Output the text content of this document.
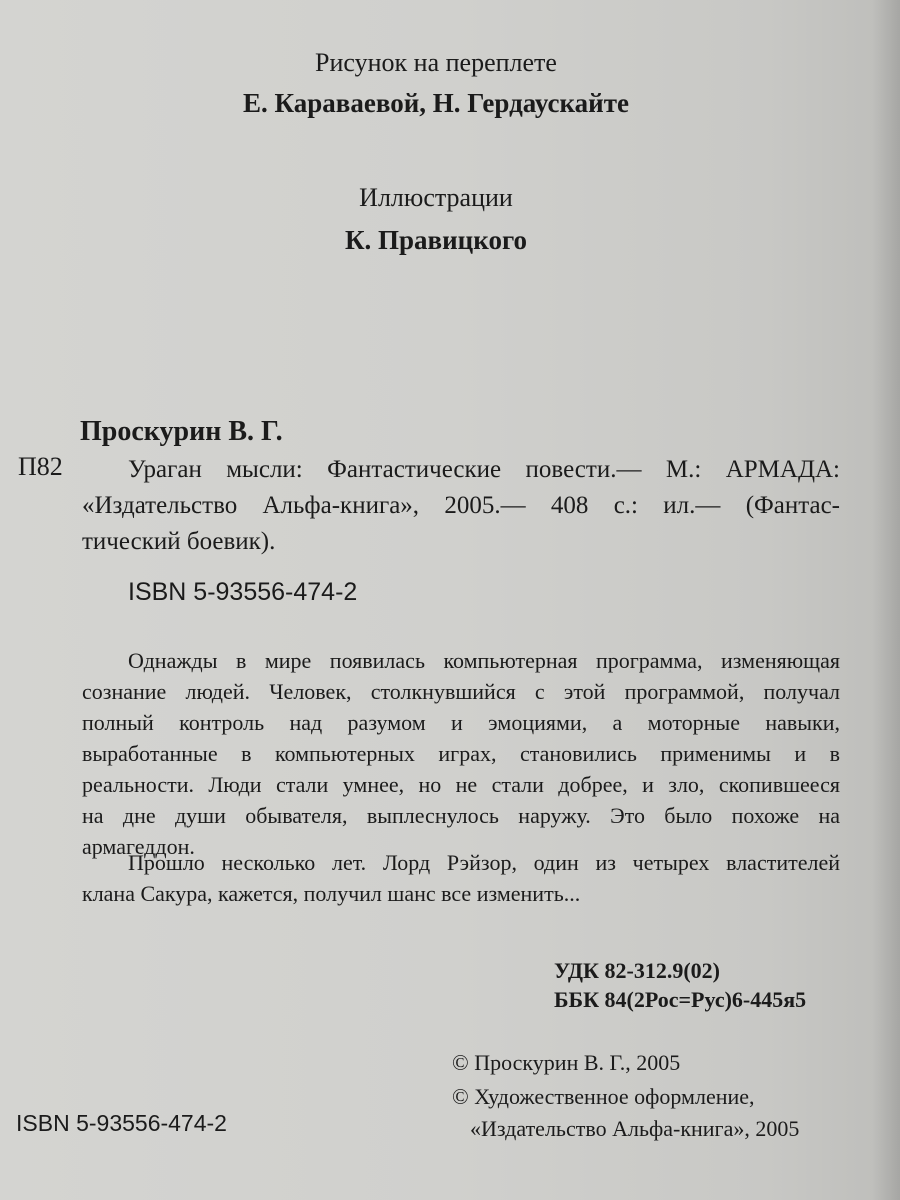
Рисунок на переплете
Е. Караваевой, Н. Гердаускайте
Иллюстрации
К. Правицкого
Проскурин В. Г.
П82	Ураган мысли: Фантастические повести.— М.: АРМАДА:
«Издательство Альфа-книга», 2005.— 408 с.: ил.— (Фантас-
тический боевик).
ISBN 5-93556-474-2
Однажды в мире появилась компьютерная программа, изменяющая
сознание людей. Человек, столкнувшийся с этой программой, получал
полный контроль над разумом и эмоциями, а моторные навыки,
выработанные в компьютерных играх, становились применимы и в
реальности. Люди стали умнее, но не стали добрее, и зло, скопившееся
на дне души обывателя, выплеснулось наружу. Это было похоже на
армагеддон.
Прошло несколько лет. Лорд Рэйзор, один из четырех властителей
клана Сакура, кажется, получил шанс все изменить...
УДК 82-312.9(02)
ББК 84(2Рос=Рус)6-445я5
© Проскурин В. Г., 2005
© Художественное оформление,
«Издательство Альфа-книга», 2005
ISBN 5-93556-474-2
